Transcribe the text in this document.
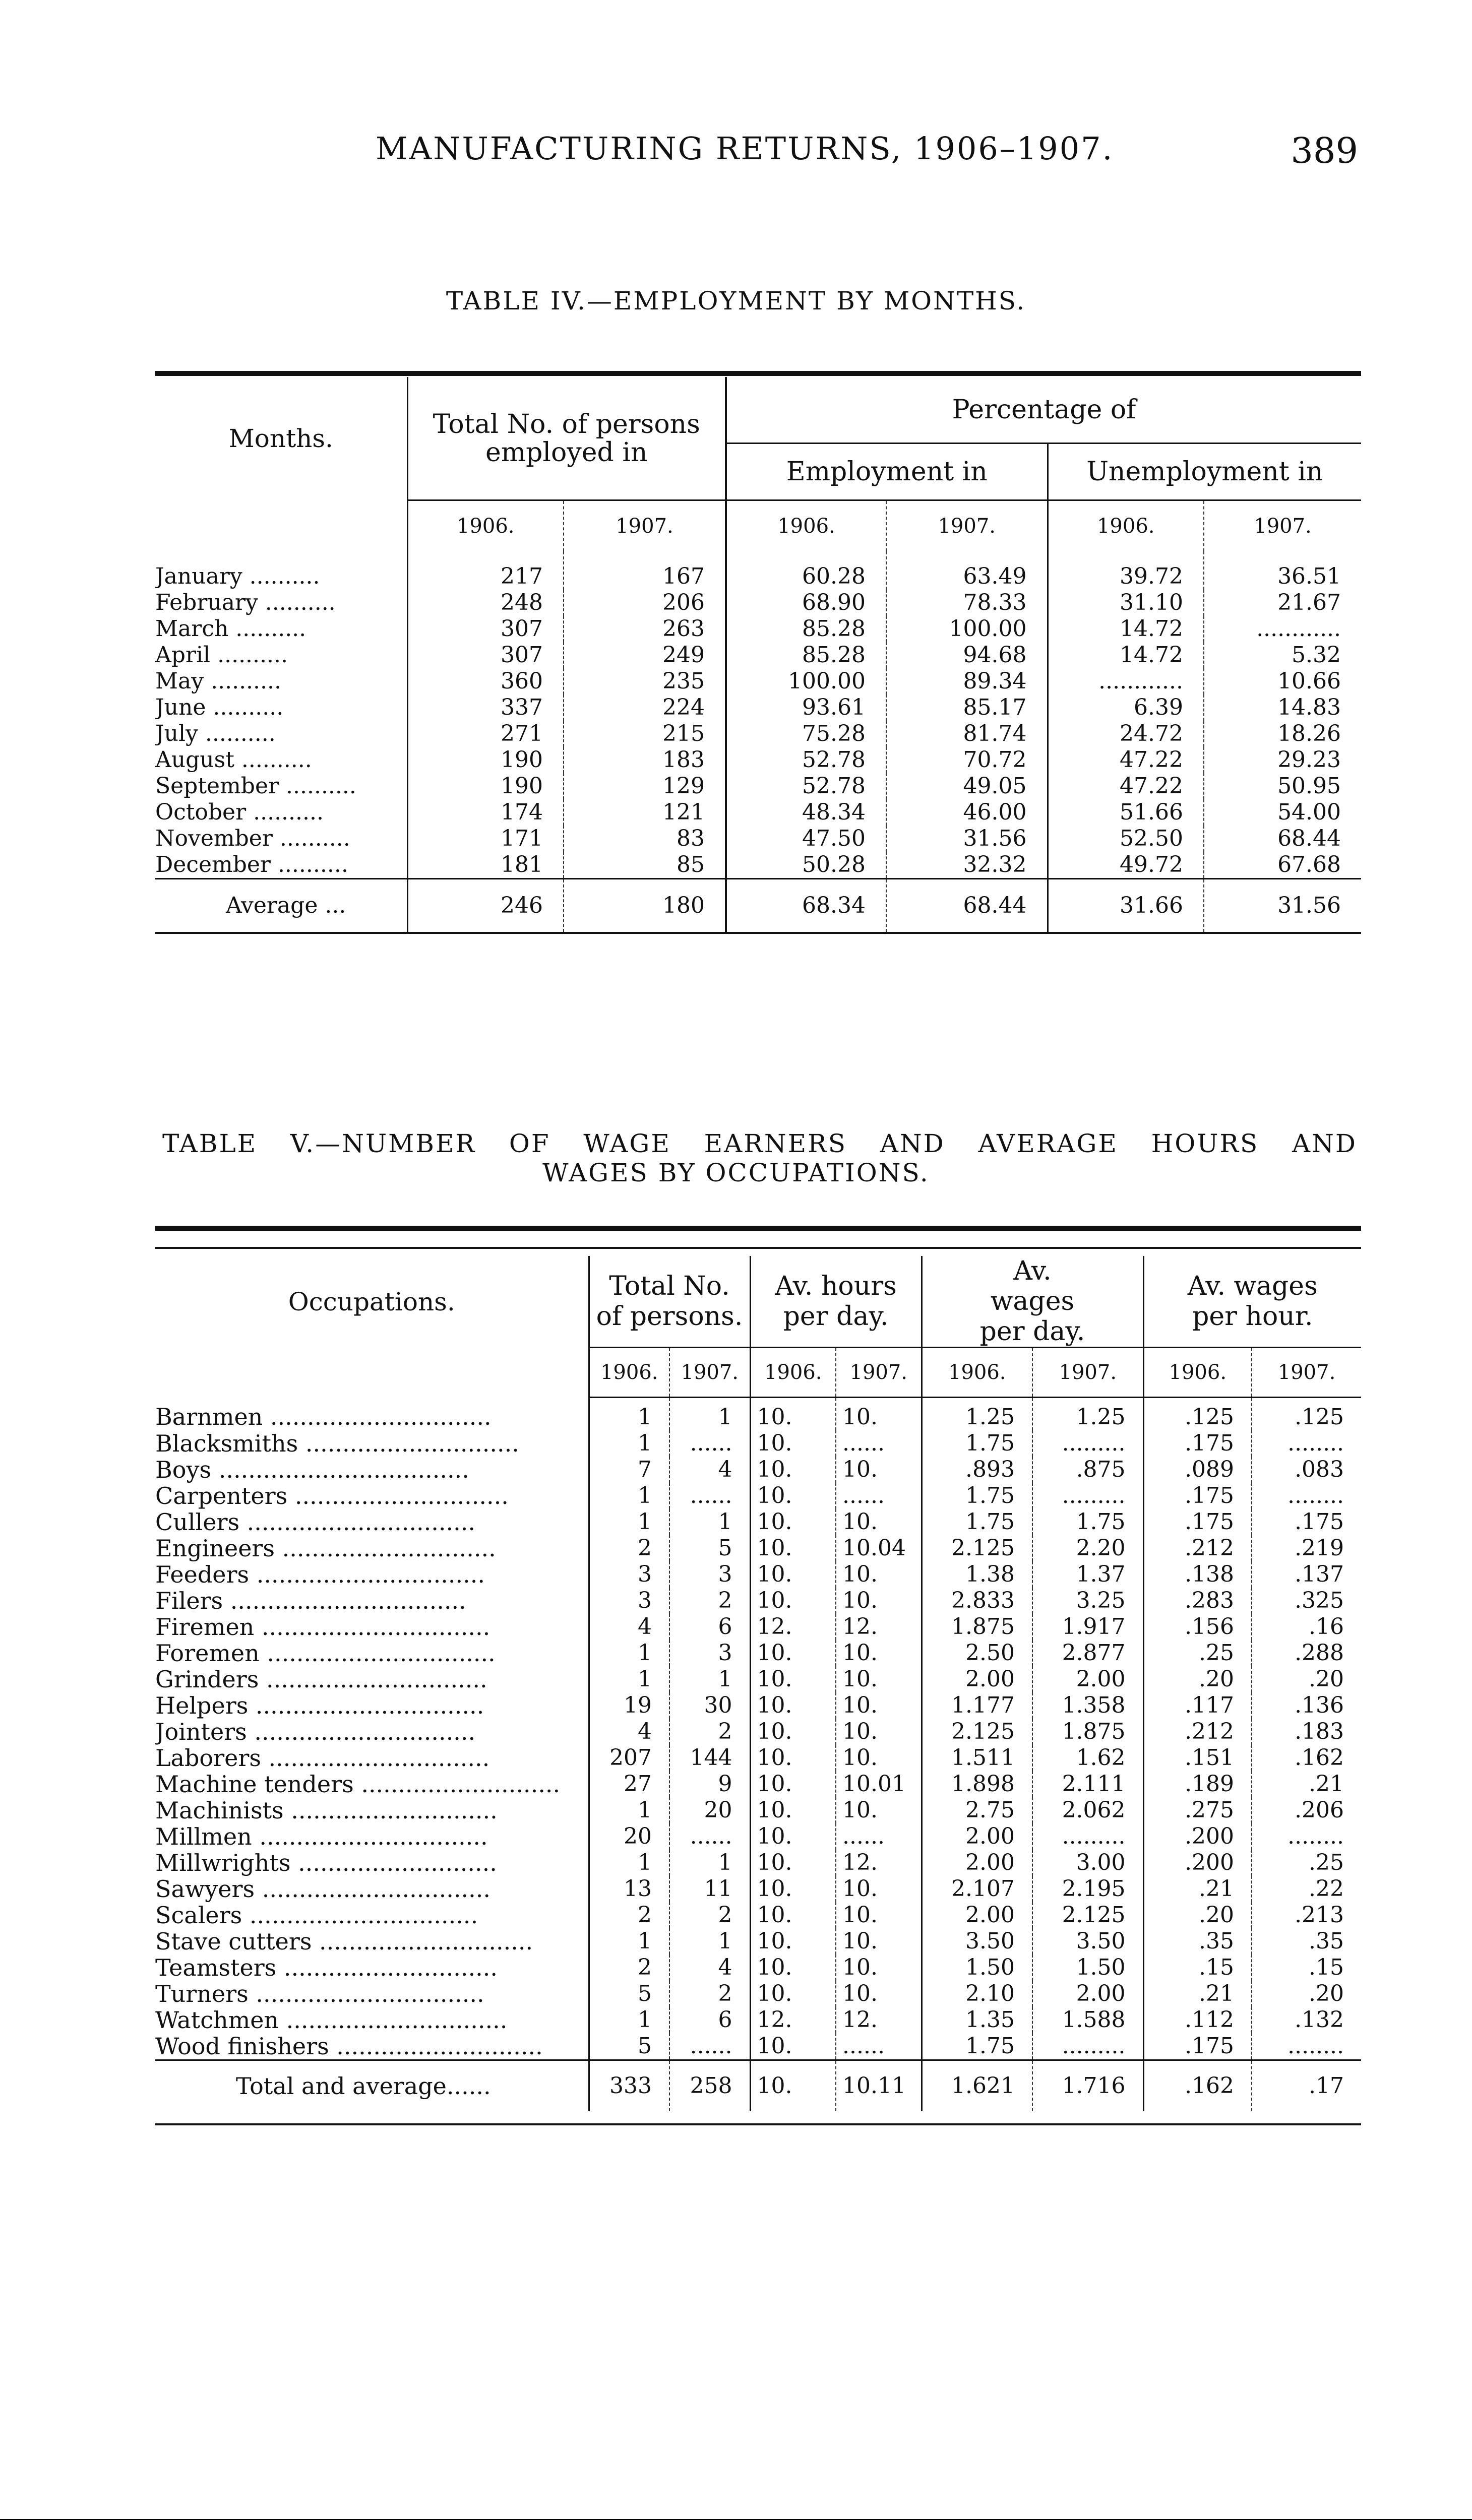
MANUFACTURING RETURNS, 1906–1907.	389
TABLE IV.—EMPLOYMENT BY MONTHS.
Months.	Total No. of persons employed in		Percentage of			
			Employment in		Unemployment in	
	1906.	1907.	1906.	1907.	1906.	1907.
January ..........	217	167	60.28	63.49	39.72	36.51
February ..........	248	206	68.90	78.33	31.10	21.67
March ..........	307	263	85.28	100.00	14.72	............
April ..........	307	249	85.28	94.68	14.72	5.32
May ..........	360	235	100.00	89.34	............	10.66
June ..........	337	224	93.61	85.17	6.39	14.83
July ..........	271	215	75.28	81.74	24.72	18.26
August ..........	190	183	52.78	70.72	47.22	29.23
September ..........	190	129	52.78	49.05	47.22	50.95
October ..........	174	121	48.34	46.00	51.66	54.00
November ..........	171	83	47.50	31.56	52.50	68.44
December ..........	181	85	50.28	32.32	49.72	67.68
Average ...	246	180	68.34	68.44	31.66	31.56
TABLE V.—NUMBER OF WAGE EARNERS AND AVERAGE HOURS AND
WAGES BY OCCUPATIONS.
Occupations.	Total No. of persons.		Av. hours per day.		Av. wages per day.		Av. wages per hour.	
	1906.	1907.	1906.	1907.	1906.	1907.	1906.	1907.
Barnmen ..............................	1	1	10.	10.	1.25	1.25	.125	.125
Blacksmiths .............................	1	......	10.	......	1.75	.........	.175	........
Boys ..................................	7	4	10.	10.	.893	.875	.089	.083
Carpenters .............................	1	......	10.	......	1.75	.........	.175	........
Cullers ...............................	1	1	10.	10.	1.75	1.75	.175	.175
Engineers .............................	2	5	10.	10.04	2.125	2.20	.212	.219
Feeders ...............................	3	3	10.	10.	1.38	1.37	.138	.137
Filers ................................	3	2	10.	10.	2.833	3.25	.283	.325
Firemen ...............................	4	6	12.	12.	1.875	1.917	.156	.16
Foremen ...............................	1	3	10.	10.	2.50	2.877	.25	.288
Grinders ..............................	1	1	10.	10.	2.00	2.00	.20	.20
Helpers ...............................	19	30	10.	10.	1.177	1.358	.117	.136
Jointers ..............................	4	2	10.	10.	2.125	1.875	.212	.183
Laborers ..............................	207	144	10.	10.	1.511	1.62	.151	.162
Machine tenders ...........................	27	9	10.	10.01	1.898	2.111	.189	.21
Machinists ............................	1	20	10.	10.	2.75	2.062	.275	.206
Millmen ...............................	20	......	10.	......	2.00	.........	.200	........
Millwrights ...........................	1	1	10.	12.	2.00	3.00	.200	.25
Sawyers ...............................	13	11	10.	10.	2.107	2.195	.21	.22
Scalers ...............................	2	2	10.	10.	2.00	2.125	.20	.213
Stave cutters .............................	1	1	10.	10.	3.50	3.50	.35	.35
Teamsters .............................	2	4	10.	10.	1.50	1.50	.15	.15
Turners ...............................	5	2	10.	10.	2.10	2.00	.21	.20
Watchmen ..............................	1	6	12.	12.	1.35	1.588	.112	.132
Wood finishers ............................	5	......	10.	......	1.75	.........	.175	........
Total and average......	333	258	10.	10.11	1.621	1.716	.162	.17
